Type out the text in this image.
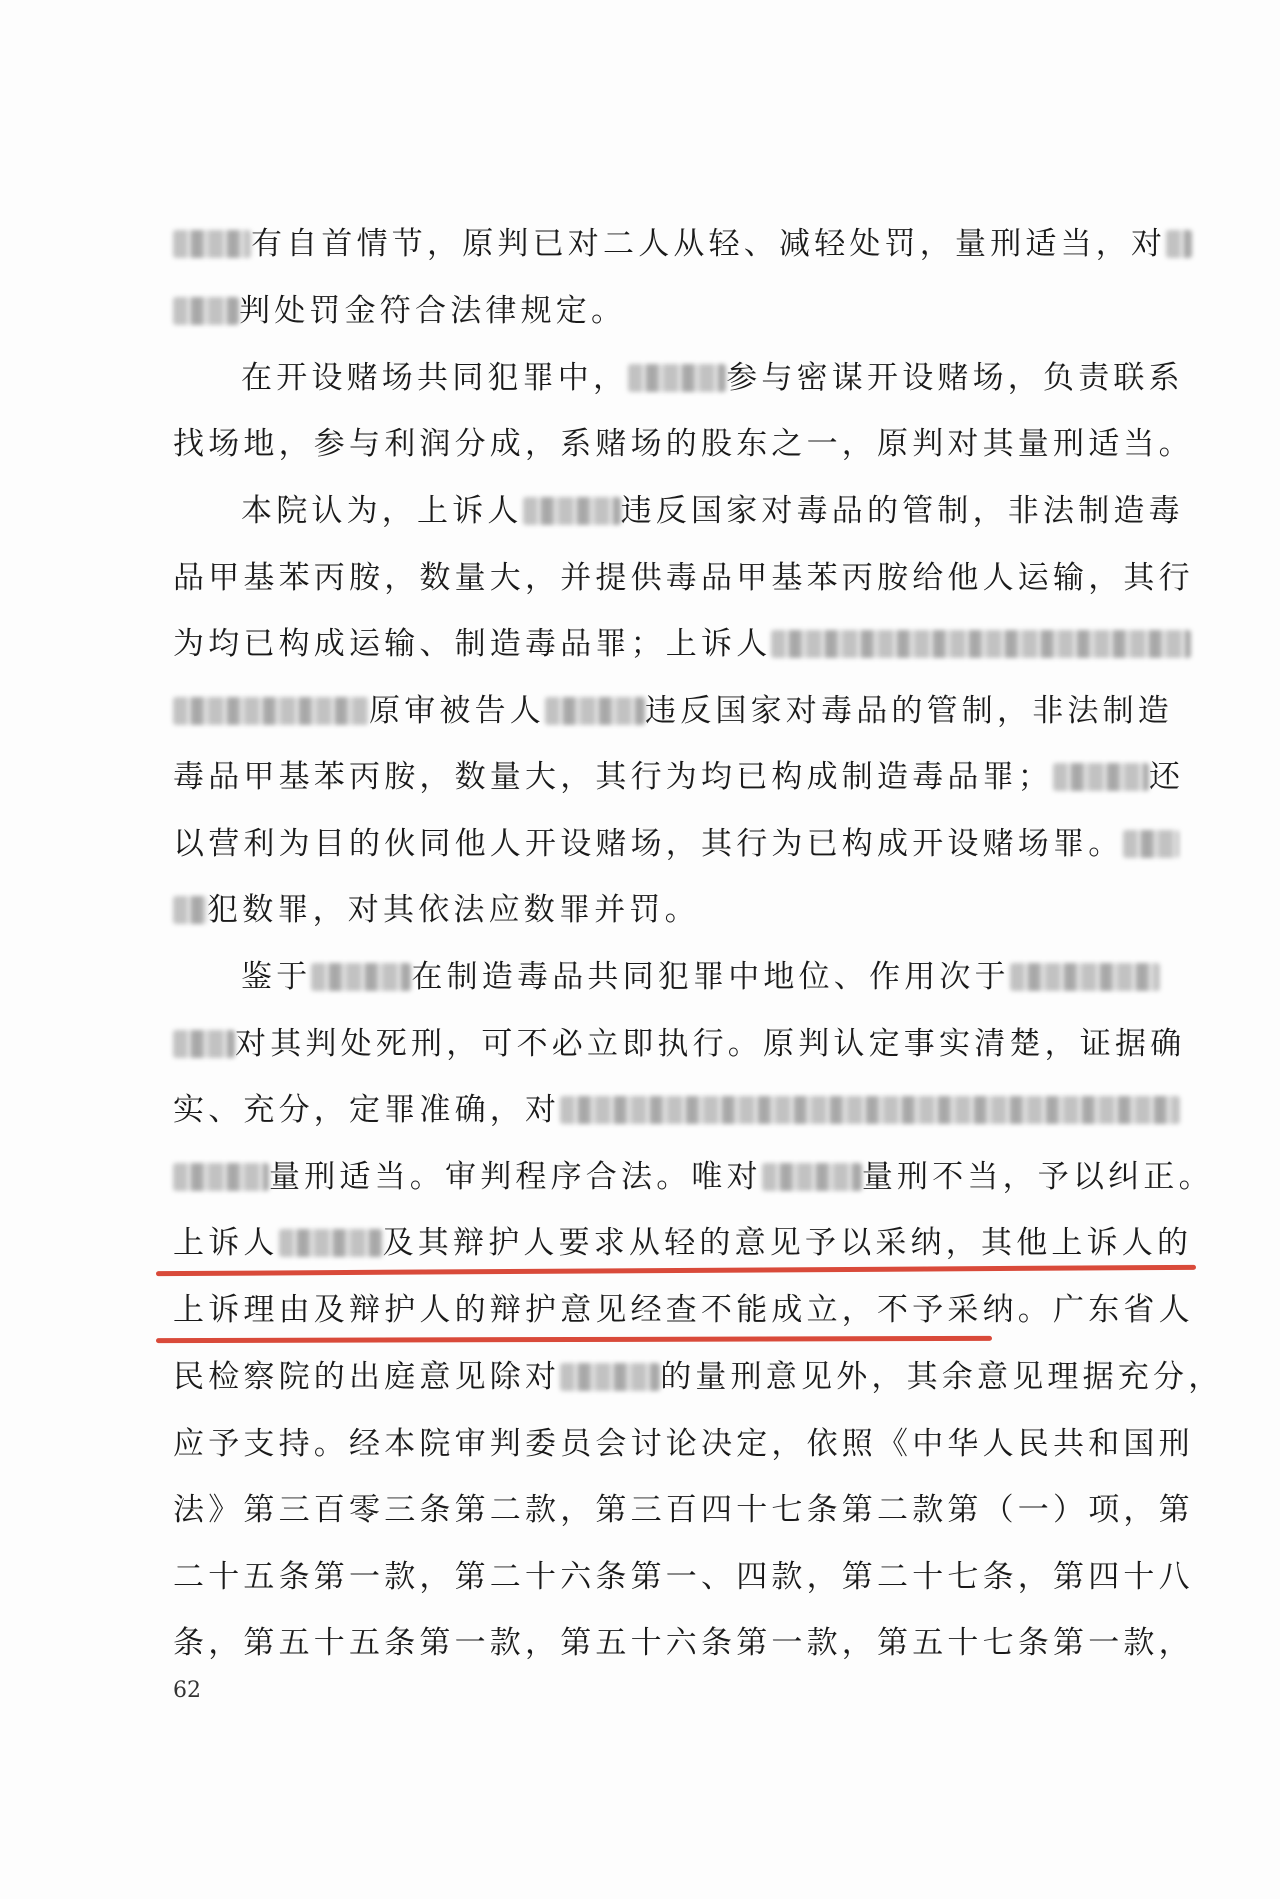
有自首情节，原判已对二人从轻、减轻处罚，量刑适当，对
判处罚金符合法律规定。
在开设赌场共同犯罪中，	参与密谋开设赌场，负责联系
找场地，参与利润分成，系赌场的股东之一，原判对其量刑适当。
本院认为，上诉人	违反国家对毒品的管制，非法制造毒
品甲基苯丙胺，数量大，并提供毒品甲基苯丙胺给他人运输，其行
为均已构成运输、制造毒品罪；上诉人
原审被告人	违反国家对毒品的管制，非法制造
毒品甲基苯丙胺，数量大，其行为均已构成制造毒品罪；	还
以营利为目的伙同他人开设赌场，其行为已构成开设赌场罪。
犯数罪，对其依法应数罪并罚。
鉴于	在制造毒品共同犯罪中地位、作用次于
对其判处死刑，可不必立即执行。原判认定事实清楚，证据确
实、充分，定罪准确，对
量刑适当。审判程序合法。唯对	量刑不当，予以纠正。
上诉人	及其辩护人要求从轻的意见予以采纳，其他上诉人的
上诉理由及辩护人的辩护意见经查不能成立，不予采纳。广东省人
民检察院的出庭意见除对	的量刑意见外，其余意见理据充分，
应予支持。经本院审判委员会讨论决定，依照《中华人民共和国刑
法》第三百零三条第二款，第三百四十七条第二款第（一）项，第
二十五条第一款，第二十六条第一、四款，第二十七条，第四十八
条，第五十五条第一款，第五十六条第一款，第五十七条第一款，
62
